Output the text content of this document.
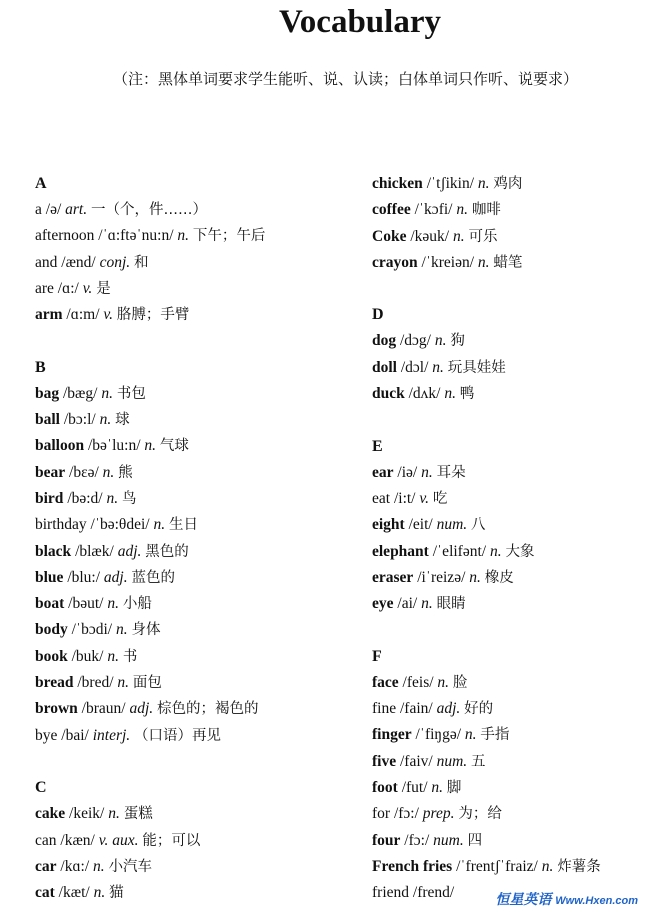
Vocabulary
（注：黑体单词要求学生能听、说、认读；白体单词只作听、说要求）
A
a /ə/ art. 一（个，件……）
afternoon /ˈɑ:ftəˈnu:n/ n. 下午；午后
and /ænd/ conj. 和
are /ɑ:/ v. 是
arm /ɑ:m/ v. 胳膊；手臂
B
bag /bæg/ n. 书包
ball /bɔ:l/ n. 球
balloon /bəˈlu:n/ n. 气球
bear /bɛə/ n. 熊
bird /bə:d/ n. 鸟
birthday /ˈbə:θdei/ n. 生日
black /blæk/ adj. 黑色的
blue /blu:/ adj. 蓝色的
boat /bəut/ n. 小船
body /ˈbɔdi/ n. 身体
book /buk/ n. 书
bread /bred/ n. 面包
brown /braun/ adj. 棕色的；褐色的
bye /bai/ interj. （口语）再见
C
cake /keik/ n. 蛋糕
can /kæn/ v. aux. 能；可以
car /kɑ:/ n. 小汽车
cat /kæt/ n. 猫
chicken /ˈtʃikin/ n. 鸡肉
coffee /ˈkɔfi/ n. 咖啡
Coke /kəuk/ n. 可乐
crayon /ˈkreiən/ n. 蜡笔
D
dog /dɔg/ n. 狗
doll /dɔl/ n. 玩具娃娃
duck /dʌk/ n. 鸭
E
ear /iə/ n. 耳朵
eat /i:t/ v. 吃
eight /eit/ num. 八
elephant /ˈelifənt/ n. 大象
eraser /iˈreizə/ n. 橡皮
eye /ai/ n. 眼睛
F
face /feis/ n. 脸
fine /fain/ adj. 好的
finger /ˈfiŋgə/ n. 手指
five /faiv/ num. 五
foot /fut/ n. 脚
for /fɔ:/ prep. 为；给
four /fɔ:/ num. 四
French fries /ˈfrentʃˈfraiz/ n. 炸薯条
friend /frend/	恒星英语 Www.Hxen.com
